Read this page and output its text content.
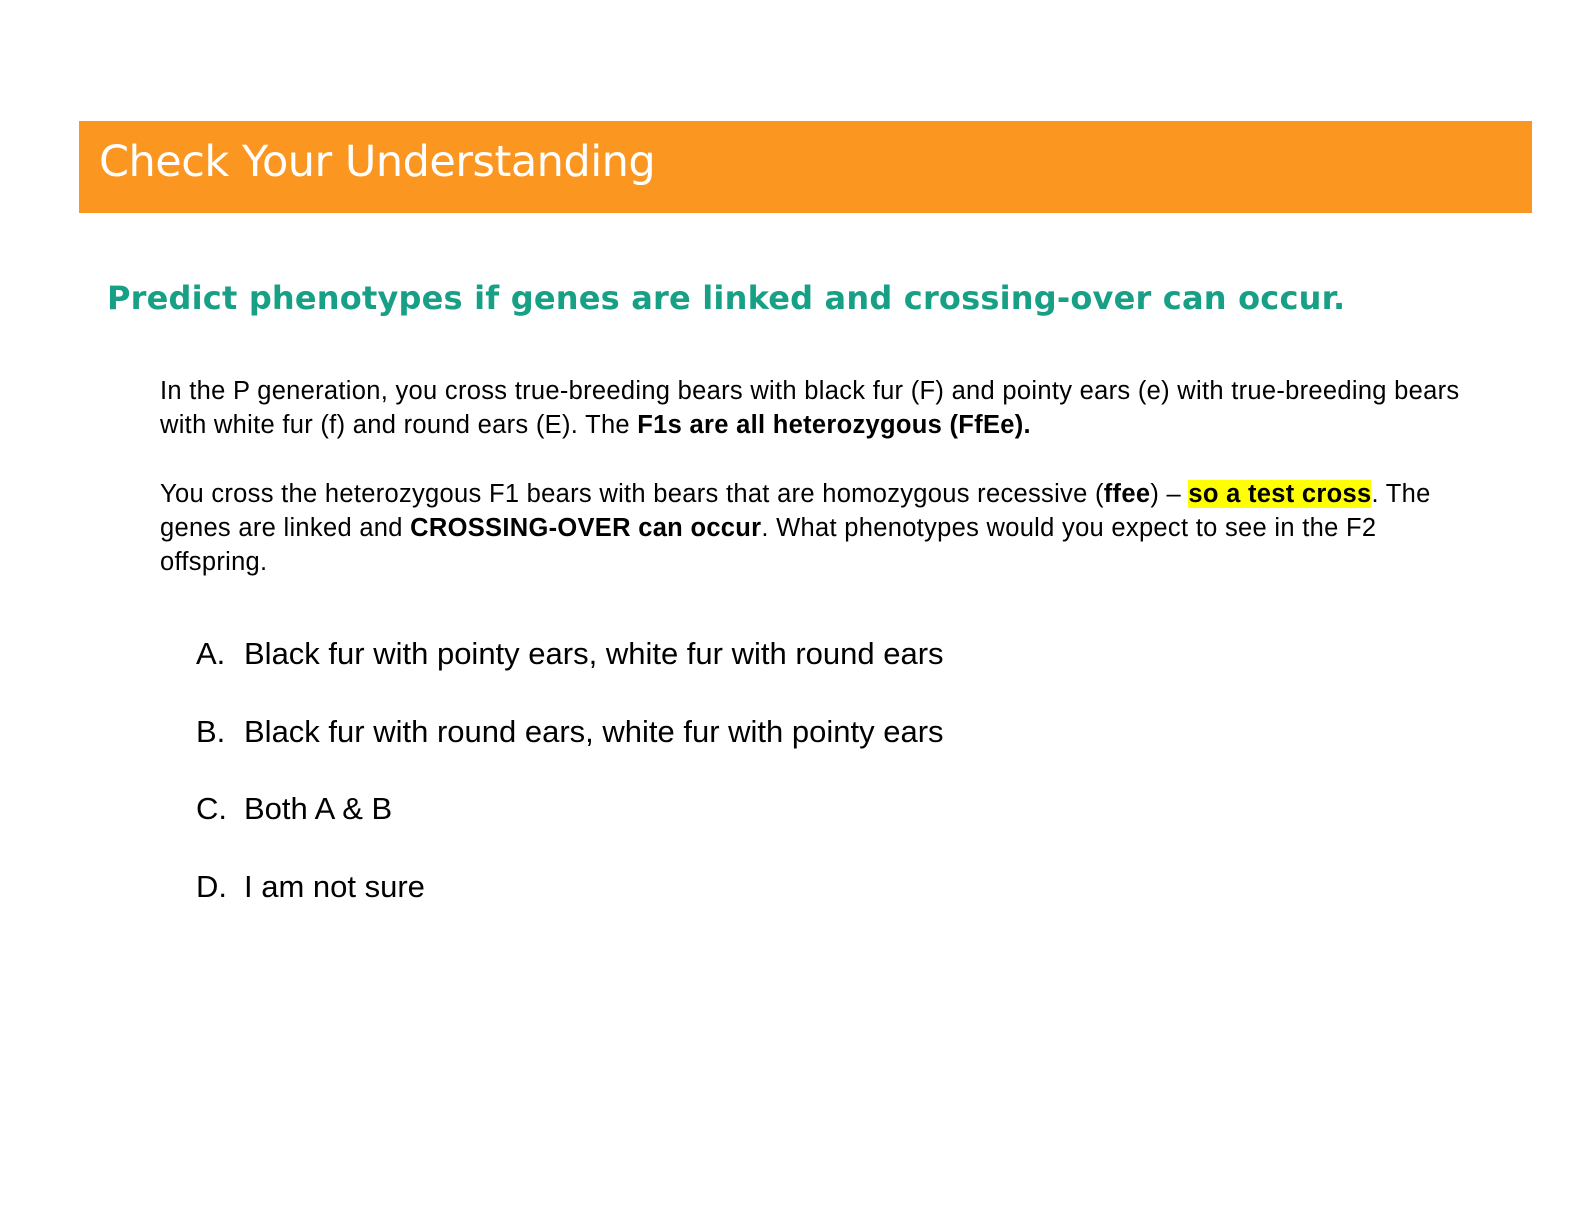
Check Your Understanding
Predict phenotypes if genes are linked and crossing-over can occur.
In the P generation, you cross true-breeding bears with black fur (F) and pointy ears (e) with true-breeding bears with white fur (f) and round ears (E). The F1s are all heterozygous (FfEe).
You cross the heterozygous F1 bears with bears that are homozygous recessive (ffee) – so a test cross. The genes are linked and CROSSING-OVER can occur. What phenotypes would you expect to see in the F2 offspring.
A. Black fur with pointy ears, white fur with round ears
B. Black fur with round ears, white fur with pointy ears
C. Both A & B
D. I am not sure
